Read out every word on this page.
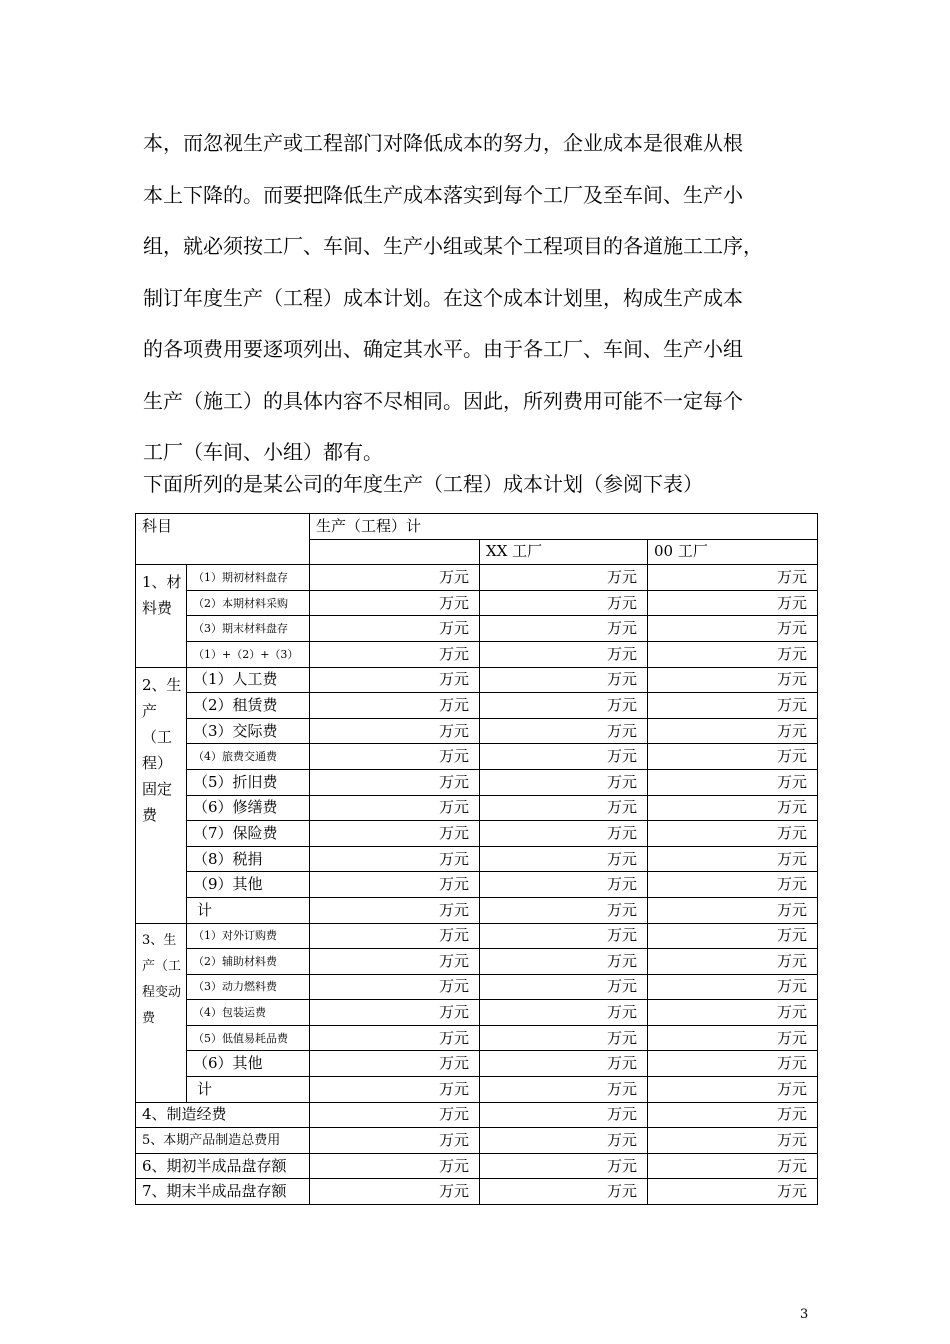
本，而忽视生产或工程部门对降低成本的努力，企业成本是很难从根
本上下降的。而要把降低生产成本落实到每个工厂及至车间、生产小
组，就必须按工厂、车间、生产小组或某个工程项目的各道施工工序，
制订年度生产（工程）成本计划。在这个成本计划里，构成生产成本
的各项费用要逐项列出、确定其水平。由于各工厂、车间、生产小组
生产（施工）的具体内容不尽相同。因此，所列费用可能不一定每个
工厂（车间、小组）都有。
下面所列的是某公司的年度生产（工程）成本计划（参阅下表）
科目		生产（工程）计		
			XX 工厂	00 工厂
1、材料费	（1）期初材料盘存	万元	万元	万元
	（2）本期材料采购	万元	万元	万元
	（3）期末材料盘存	万元	万元	万元
	（1）+（2）+（3）	万元	万元	万元
2、生产（工程）固定费	（1）人工费	万元	万元	万元
	（2）租赁费	万元	万元	万元
	（3）交际费	万元	万元	万元
	（4）旅费交通费	万元	万元	万元
	（5）折旧费	万元	万元	万元
	（6）修缮费	万元	万元	万元
	（7）保险费	万元	万元	万元
	（8）税捐	万元	万元	万元
	（9）其他	万元	万元	万元
	计	万元	万元	万元
3、生产（工程变动费	（1）对外订购费	万元	万元	万元
	（2）辅助材料费	万元	万元	万元
	（3）动力燃料费	万元	万元	万元
	（4）包装运费	万元	万元	万元
	（5）低值易耗品费	万元	万元	万元
	（6）其他	万元	万元	万元
	计	万元	万元	万元
4、制造经费		万元	万元	万元
5、本期产品制造总费用		万元	万元	万元
6、期初半成品盘存额		万元	万元	万元
7、期末半成品盘存额		万元	万元	万元
3
